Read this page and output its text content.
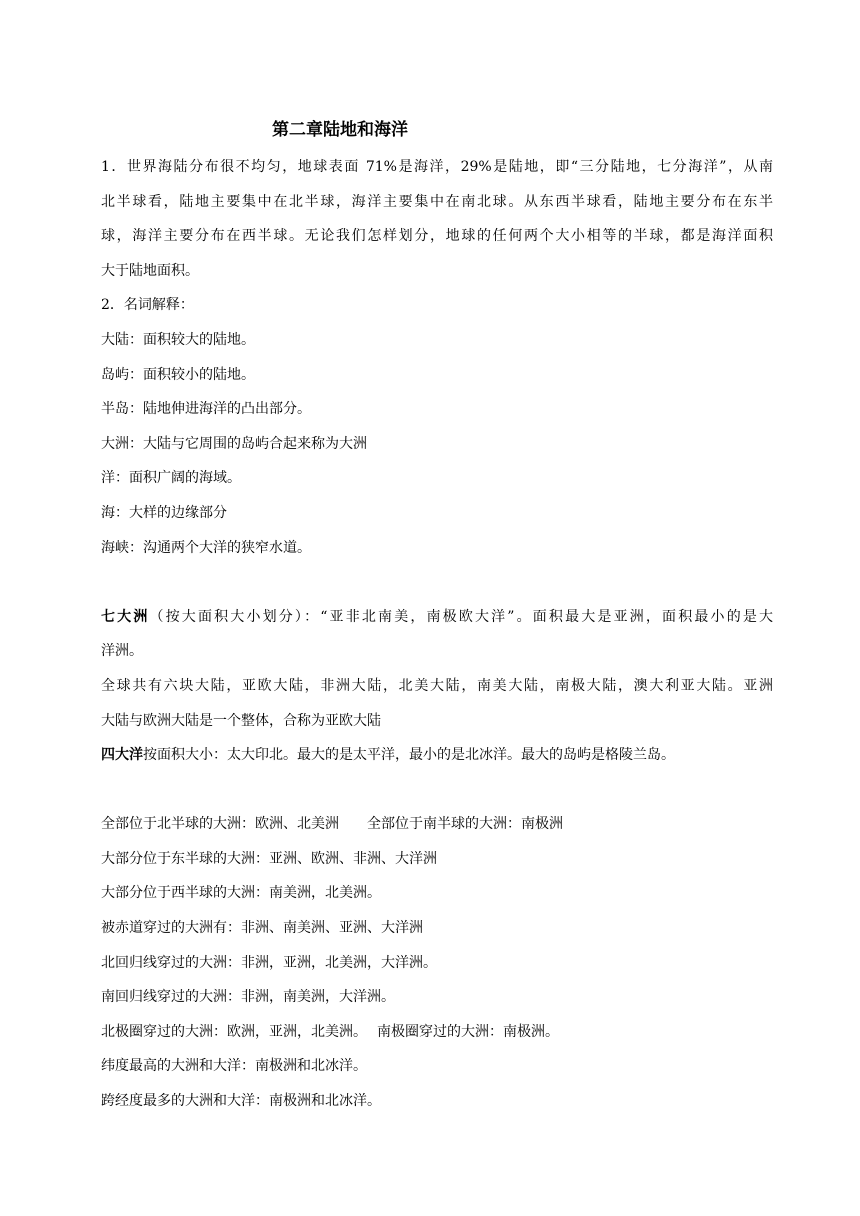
第二章陆地和海洋
1．世界海陆分布很不均匀，地球表面 71%是海洋，29%是陆地，即“三分陆地，七分海洋”，从南
北半球看，陆地主要集中在北半球，海洋主要集中在南北球。从东西半球看，陆地主要分布在东半
球，海洋主要分布在西半球。无论我们怎样划分，地球的任何两个大小相等的半球，都是海洋面积
大于陆地面积。
2．名词解释：
大陆：面积较大的陆地。
岛屿：面积较小的陆地。
半岛：陆地伸进海洋的凸出部分。
大洲：大陆与它周围的岛屿合起来称为大洲
洋：面积广阔的海域。
海：大样的边缘部分
海峡：沟通两个大洋的狭窄水道。
七大洲（按大面积大小划分）：“亚非北南美，南极欧大洋”。面积最大是亚洲，面积最小的是大
洋洲。
全球共有六块大陆，亚欧大陆，非洲大陆，北美大陆，南美大陆，南极大陆，澳大利亚大陆。亚洲
大陆与欧洲大陆是一个整体，合称为亚欧大陆
四大洋按面积大小：太大印北。最大的是太平洋，最小的是北冰洋。最大的岛屿是格陵兰岛。
全部位于北半球的大洲：欧洲、北美洲 全部位于南半球的大洲：南极洲
大部分位于东半球的大洲：亚洲、欧洲、非洲、大洋洲
大部分位于西半球的大洲：南美洲，北美洲。
被赤道穿过的大洲有：非洲、南美洲、亚洲、大洋洲
北回归线穿过的大洲：非洲，亚洲，北美洲，大洋洲。
南回归线穿过的大洲：非洲，南美洲，大洋洲。
北极圈穿过的大洲：欧洲，亚洲，北美洲。 南极圈穿过的大洲：南极洲。
纬度最高的大洲和大洋：南极洲和北冰洋。
跨经度最多的大洲和大洋：南极洲和北冰洋。
